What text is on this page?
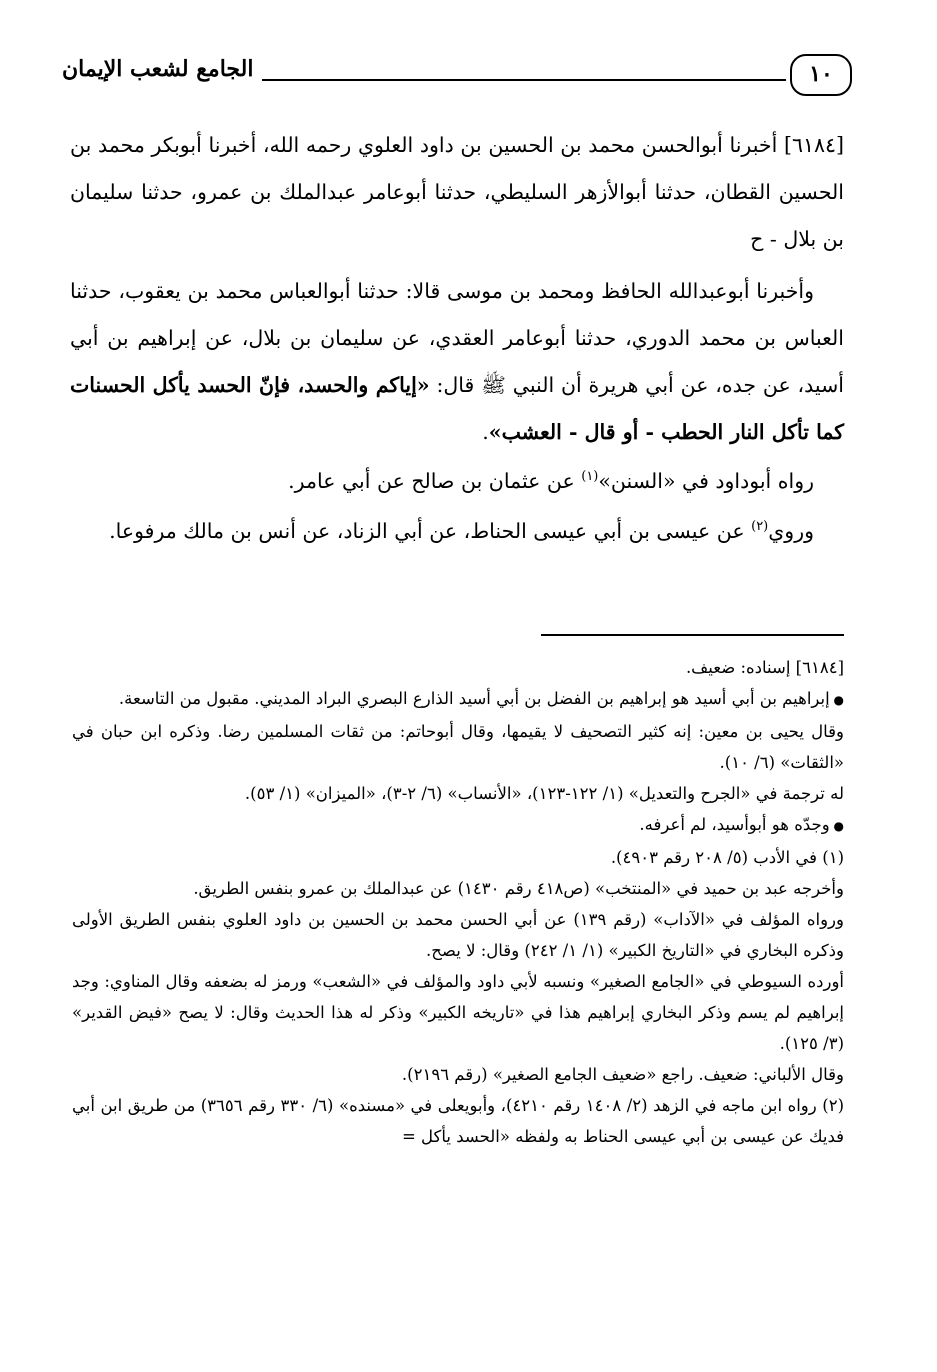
الجامع لشعب الإيمان	١٠

[٦١٨٤] أخبرنا أبوالحسن محمد بن الحسين بن داود العلوي رحمه الله، أخبرنا أبوبكر محمد بن الحسين القطان، حدثنا أبوالأزهر السليطي، حدثنا أبوعامر عبدالملك بن عمرو، حدثنا سليمان بن بلال - ح

وأخبرنا أبوعبدالله الحافظ ومحمد بن موسى قالا: حدثنا أبوالعباس محمد بن يعقوب، حدثنا العباس بن محمد الدوري، حدثنا أبوعامر العقدي، عن سليمان بن بلال، عن إبراهيم بن أبي أسيد، عن جده، عن أبي هريرة أن النبي ﷺ قال: «إياكم والحسد، فإنّ الحسد يأكل الحسنات كما تأكل النار الحطب - أو قال - العشب».

رواه أبوداود في «السنن»$^{(١)}$ عن عثمان بن صالح عن أبي عامر.

وروي$^{(٢)}$ عن عيسى بن أبي عيسى الحناط، عن أبي الزناد، عن أنس بن مالك مرفوعا.

[٦١٨٤] إسناده: ضعيف.

● إبراهيم بن أبي أسيد هو إبراهيم بن الفضل بن أبي أسيد الذارع البصري البراد المديني. مقبول من التاسعة.

وقال يحيى بن معين: إنه كثير التصحيف لا يقيمها، وقال أبوحاتم: من ثقات المسلمين رضا. وذكره ابن حبان في «الثقات» (٦/ ١٠).

له ترجمة في «الجرح والتعديل» (١/ ١٢٢-١٢٣)، «الأنساب» (٦/ ٢-٣)، «الميزان» (١/ ٥٣).

● وجدّه هو أبوأسيد، لم أعرفه.

(١) في الأدب (٥/ ٢٠٨ رقم ٤٩٠٣).

وأخرجه عبد بن حميد في «المنتخب» (ص٤١٨ رقم ١٤٣٠) عن عبدالملك بن عمرو بنفس الطريق.

ورواه المؤلف في «الآداب» (رقم ١٣٩) عن أبي الحسن محمد بن الحسين بن داود العلوي بنفس الطريق الأولى وذكره البخاري في «التاريخ الكبير» (١/ ١/ ٢٤٢) وقال: لا يصح.

أورده السيوطي في «الجامع الصغير» ونسبه لأبي داود والمؤلف في «الشعب» ورمز له بضعفه وقال المناوي: وجد إبراهيم لم يسم وذكر البخاري إبراهيم هذا في «تاريخه الكبير» وذكر له هذا الحديث وقال: لا يصح «فيض القدير» (٣/ ١٢٥).

وقال الألباني: ضعيف. راجع «ضعيف الجامع الصغير» (رقم ٢١٩٦).

(٢) رواه ابن ماجه في الزهد (٢/ ١٤٠٨ رقم ٤٢١٠)، وأبويعلى في «مسنده» (٦/ ٣٣٠ رقم ٣٦٥٦) من طريق ابن أبي فديك عن عيسى بن أبي عيسى الحناط به ولفظه «الحسد يأكل =
